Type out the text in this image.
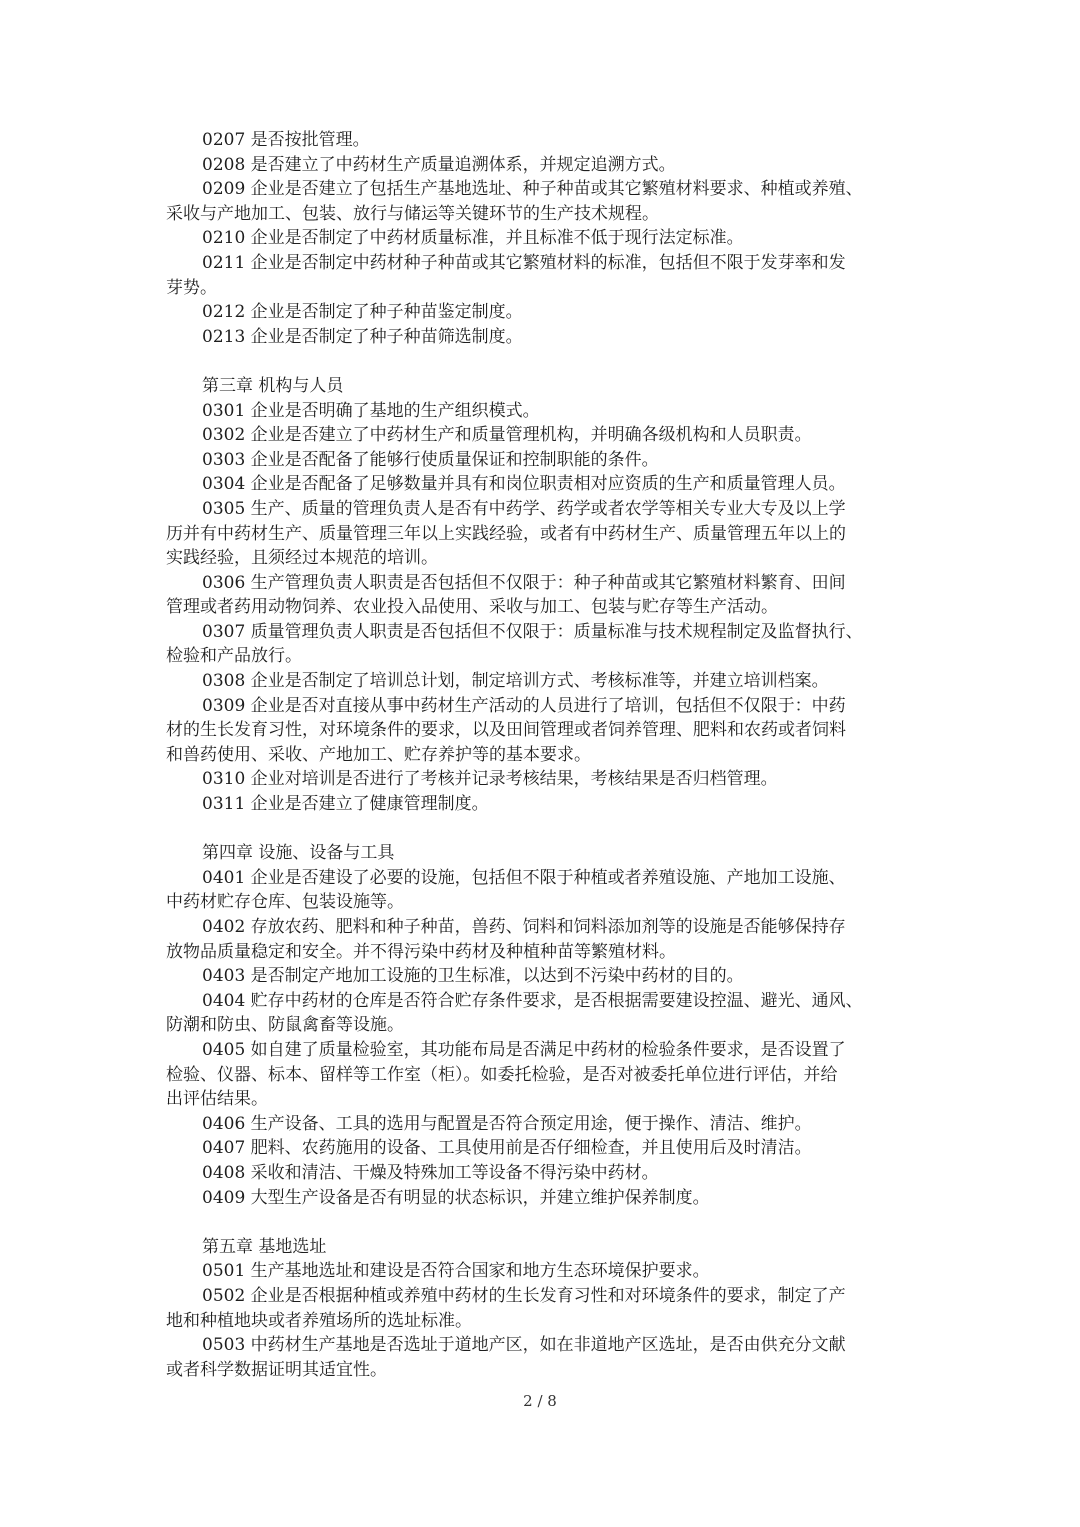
0207 是否按批管理。
0208 是否建立了中药材生产质量追溯体系，并规定追溯方式。
0209 企业是否建立了包括生产基地选址、种子种苗或其它繁殖材料要求、种植或养殖、
采收与产地加工、包装、放行与储运等关键环节的生产技术规程。
0210 企业是否制定了中药材质量标准，并且标准不低于现行法定标准。
0211 企业是否制定中药材种子种苗或其它繁殖材料的标准，包括但不限于发芽率和发
芽势。
0212 企业是否制定了种子种苗鉴定制度。
0213 企业是否制定了种子种苗筛选制度。
第三章 机构与人员
0301 企业是否明确了基地的生产组织模式。
0302 企业是否建立了中药材生产和质量管理机构，并明确各级机构和人员职责。
0303 企业是否配备了能够行使质量保证和控制职能的条件。
0304 企业是否配备了足够数量并具有和岗位职责相对应资质的生产和质量管理人员。
0305 生产、质量的管理负责人是否有中药学、药学或者农学等相关专业大专及以上学
历并有中药材生产、质量管理三年以上实践经验，或者有中药材生产、质量管理五年以上的
实践经验，且须经过本规范的培训。
0306 生产管理负责人职责是否包括但不仅限于：种子种苗或其它繁殖材料繁育、田间
管理或者药用动物饲养、农业投入品使用、采收与加工、包装与贮存等生产活动。
0307 质量管理负责人职责是否包括但不仅限于：质量标准与技术规程制定及监督执行、
检验和产品放行。
0308 企业是否制定了培训总计划，制定培训方式、考核标准等，并建立培训档案。
0309 企业是否对直接从事中药材生产活动的人员进行了培训，包括但不仅限于：中药
材的生长发育习性，对环境条件的要求，以及田间管理或者饲养管理、肥料和农药或者饲料
和兽药使用、采收、产地加工、贮存养护等的基本要求。
0310 企业对培训是否进行了考核并记录考核结果，考核结果是否归档管理。
0311 企业是否建立了健康管理制度。
第四章 设施、设备与工具
0401 企业是否建设了必要的设施，包括但不限于种植或者养殖设施、产地加工设施、
中药材贮存仓库、包装设施等。
0402 存放农药、肥料和种子种苗，兽药、饲料和饲料添加剂等的设施是否能够保持存
放物品质量稳定和安全。并不得污染中药材及种植种苗等繁殖材料。
0403 是否制定产地加工设施的卫生标准，以达到不污染中药材的目的。
0404 贮存中药材的仓库是否符合贮存条件要求，是否根据需要建设控温、避光、通风、
防潮和防虫、防鼠禽畜等设施。
0405 如自建了质量检验室，其功能布局是否满足中药材的检验条件要求，是否设置了
检验、仪器、标本、留样等工作室（柜）。如委托检验，是否对被委托单位进行评估，并给
出评估结果。
0406 生产设备、工具的选用与配置是否符合预定用途，便于操作、清洁、维护。
0407 肥料、农药施用的设备、工具使用前是否仔细检查，并且使用后及时清洁。
0408 采收和清洁、干燥及特殊加工等设备不得污染中药材。
0409 大型生产设备是否有明显的状态标识，并建立维护保养制度。
第五章 基地选址
0501 生产基地选址和建设是否符合国家和地方生态环境保护要求。
0502 企业是否根据种植或养殖中药材的生长发育习性和对环境条件的要求，制定了产
地和种植地块或者养殖场所的选址标准。
0503 中药材生产基地是否选址于道地产区，如在非道地产区选址，是否由供充分文献
或者科学数据证明其适宜性。
2 / 8
